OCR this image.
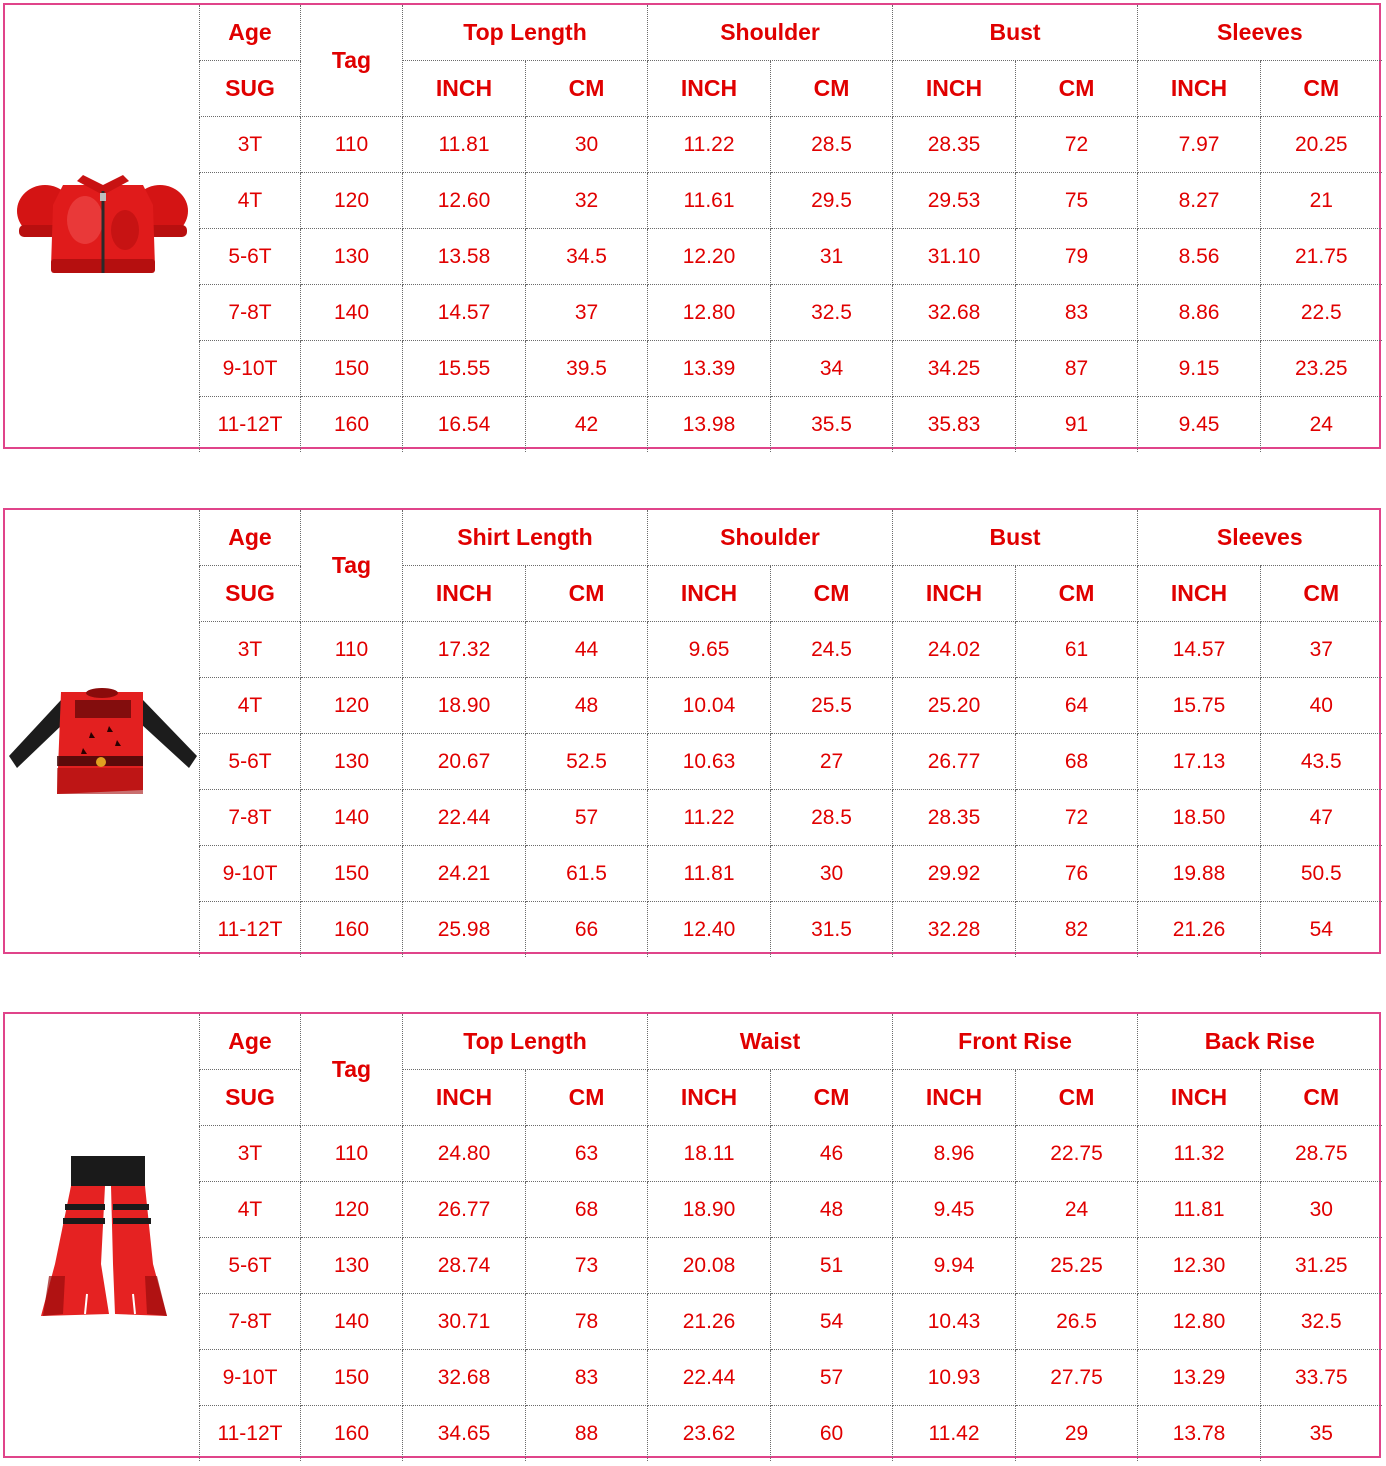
Age	Tag	Top Length		Shoulder		Bust		Sleeves	
SUG		INCH	CM	INCH	CM	INCH	CM	INCH	CM
3T	110	11.81	30	11.22	28.5	28.35	72	7.97	20.25
4T	120	12.60	32	11.61	29.5	29.53	75	8.27	21
5-6T	130	13.58	34.5	12.20	31	31.10	79	8.56	21.75
7-8T	140	14.57	37	12.80	32.5	32.68	83	8.86	22.5
9-10T	150	15.55	39.5	13.39	34	34.25	87	9.15	23.25
11-12T	160	16.54	42	13.98	35.5	35.83	91	9.45	24
Age	Tag	Shirt Length		Shoulder		Bust		Sleeves	
SUG		INCH	CM	INCH	CM	INCH	CM	INCH	CM
3T	110	17.32	44	9.65	24.5	24.02	61	14.57	37
4T	120	18.90	48	10.04	25.5	25.20	64	15.75	40
5-6T	130	20.67	52.5	10.63	27	26.77	68	17.13	43.5
7-8T	140	22.44	57	11.22	28.5	28.35	72	18.50	47
9-10T	150	24.21	61.5	11.81	30	29.92	76	19.88	50.5
11-12T	160	25.98	66	12.40	31.5	32.28	82	21.26	54
Age	Tag	Top Length		Waist		Front Rise		Back Rise	
SUG		INCH	CM	INCH	CM	INCH	CM	INCH	CM
3T	110	24.80	63	18.11	46	8.96	22.75	11.32	28.75
4T	120	26.77	68	18.90	48	9.45	24	11.81	30
5-6T	130	28.74	73	20.08	51	9.94	25.25	12.30	31.25
7-8T	140	30.71	78	21.26	54	10.43	26.5	12.80	32.5
9-10T	150	32.68	83	22.44	57	10.93	27.75	13.29	33.75
11-12T	160	34.65	88	23.62	60	11.42	29	13.78	35
